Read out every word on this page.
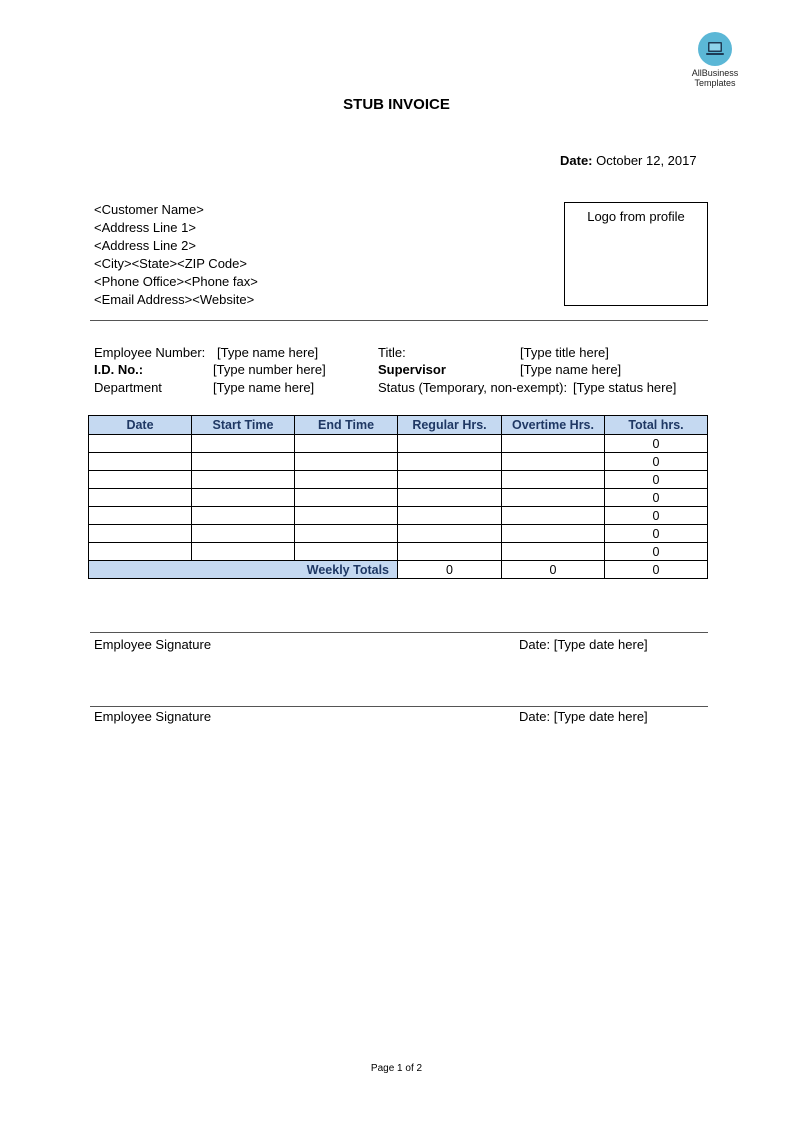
AllBusiness
Templates
STUB INVOICE
Date: October 12, 2017
<Customer Name>
<Address Line 1>
<Address Line 2>
<City><State><ZIP Code>
<Phone Office><Phone fax>
<Email Address><Website>
Logo from profile
Employee Number: [Type name here]	Title:	[Type title here]
I.D. No.:	[Type number here]	Supervisor	[Type name here]
Department	[Type name here]	Status (Temporary, non-exempt): [Type status here]
Date	Start Time	End Time	Regular Hrs.	Overtime Hrs.	Total hrs.
					0
					0
					0
					0
					0
					0
					0
Weekly Totals			0	0	0
Employee Signature	Date: [Type date here]
Employee Signature	Date: [Type date here]
Page 1 of 2
